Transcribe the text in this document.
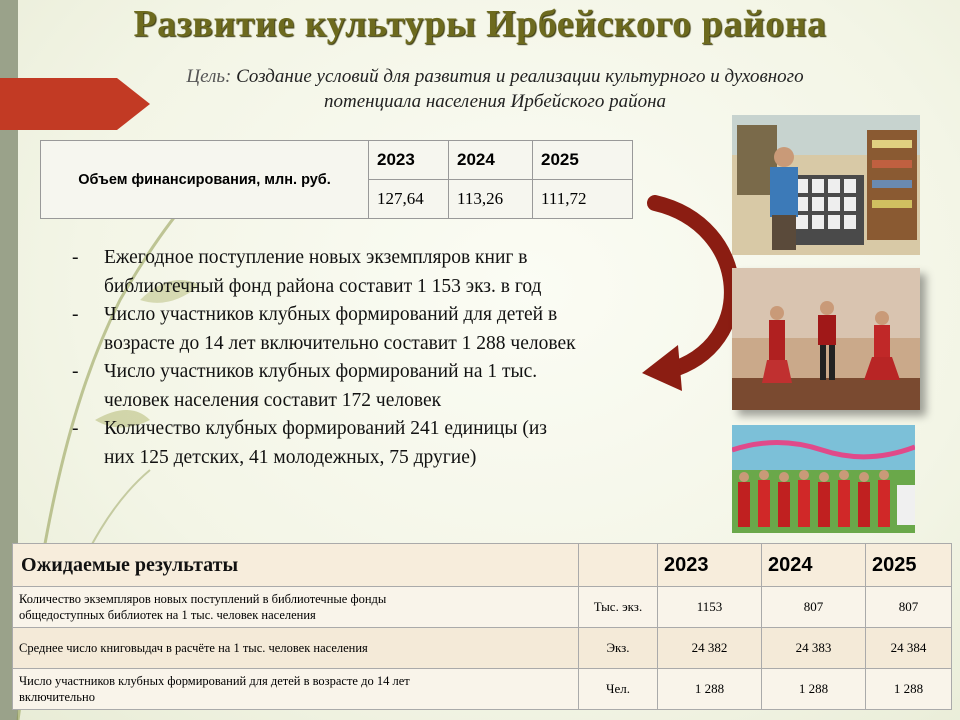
Развитие культуры Ирбейского района
Цель: Создание условий для развития и реализации культурного и духовного
потенциала населения Ирбейского района
Объем финансирования, млн. руб.	2023	2024	2025
	127,64	113,26	111,72
- Ежегодное поступление новых экземпляров книг в
библиотечный фонд района составит 1 153 экз. в год
- Число участников клубных формирований для детей в
возрасте до 14 лет включительно составит 1 288 человек
- Число участников клубных формирований на 1 тыс.
человек населения составит 172 человек
- Количество клубных формирований 241 единицы (из
них 125 детских, 41 молодежных, 75 другие)
Ожидаемые результаты		2023	2024	2025
Количество экземпляров новых поступлений в библиотечные фонды
общедоступных библиотек на 1 тыс. человек населения	Тыс. экз.	1153	807	807
Среднее число книговыдач в расчёте на 1 тыс. человек населения	Экз.	24 382	24 383	24 384
Число участников клубных формирований для детей в возрасте до 14 лет
включительно	Чел.	1 288	1 288	1 288
